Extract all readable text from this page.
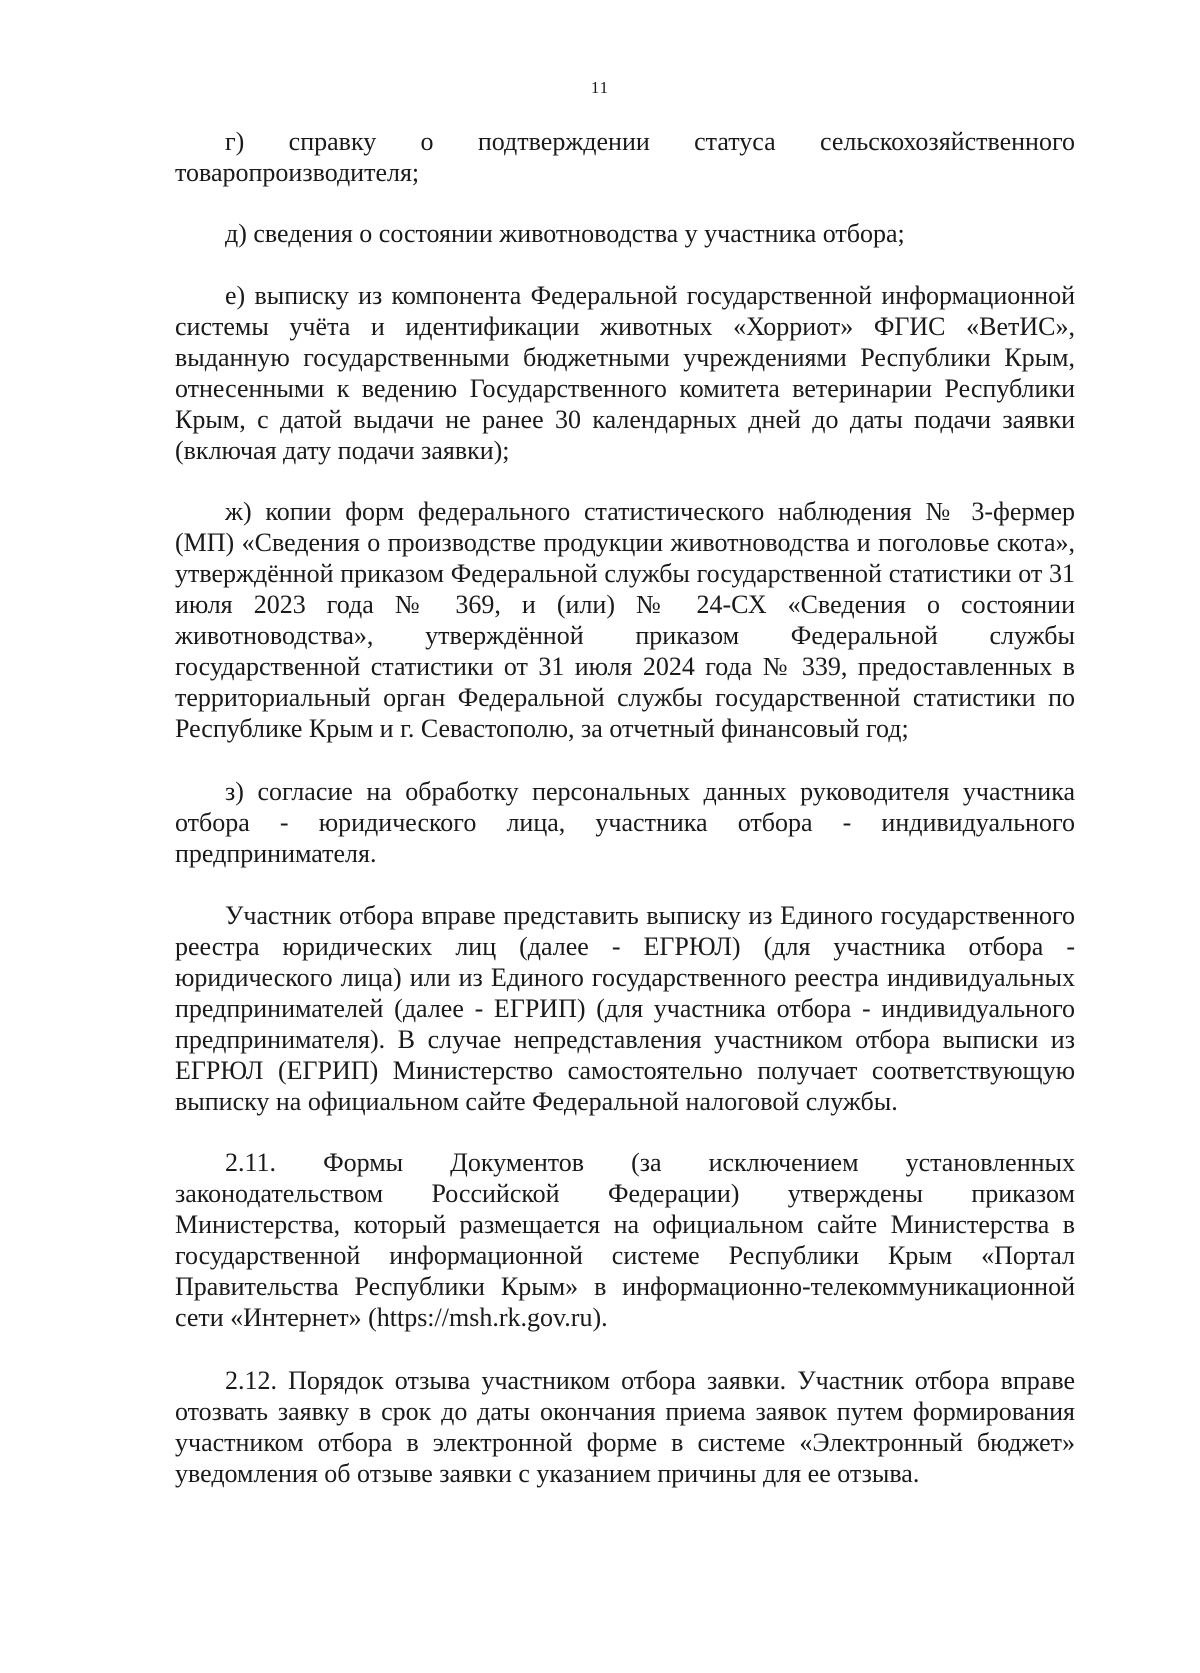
11

г) справку о подтверждении статуса сельскохозяйственного товаропроизводителя;

д) сведения о состоянии животноводства у участника отбора;

е) выписку из компонента Федеральной государственной информационной системы учёта и идентификации животных «Хорриот» ФГИС «ВетИС», выданную государственными бюджетными учреждениями Республики Крым, отнесенными к ведению Государственного комитета ветеринарии Республики Крым, с датой выдачи не ранее 30 календарных дней до даты подачи заявки (включая дату подачи заявки);

ж) копии форм федерального статистического наблюдения № 3-фермер (МП) «Сведения о производстве продукции животноводства и поголовье скота», утверждённой приказом Федеральной службы государственной статистики от 31 июля 2023 года № 369, и (или) № 24-СХ «Сведения о состоянии животноводства», утверждённой приказом Федеральной службы государственной статистики от 31 июля 2024 года № 339, предоставленных в территориальный орган Федеральной службы государственной статистики по Республике Крым и г. Севастополю, за отчетный финансовый год;

з) согласие на обработку персональных данных руководителя участника отбора - юридического лица, участника отбора - индивидуального предпринимателя.

Участник отбора вправе представить выписку из Единого государственного реестра юридических лиц (далее - ЕГРЮЛ) (для участника отбора - юридического лица) или из Единого государственного реестра индивидуальных предпринимателей (далее - ЕГРИП) (для участника отбора - индивидуального предпринимателя). В случае непредставления участником отбора выписки из ЕГРЮЛ (ЕГРИП) Министерство самостоятельно получает соответствующую выписку на официальном сайте Федеральной налоговой службы.

2.11. Формы Документов (за исключением установленных законодательством Российской Федерации) утверждены приказом Министерства, который размещается на официальном сайте Министерства в государственной информационной системе Республики Крым «Портал Правительства Республики Крым» в информационно-телекоммуникационной сети «Интернет» (https://msh.rk.gov.ru).

2.12. Порядок отзыва участником отбора заявки. Участник отбора вправе отозвать заявку в срок до даты окончания приема заявок путем формирования участником отбора в электронной форме в системе «Электронный бюджет» уведомления об отзыве заявки с указанием причины для ее отзыва.
